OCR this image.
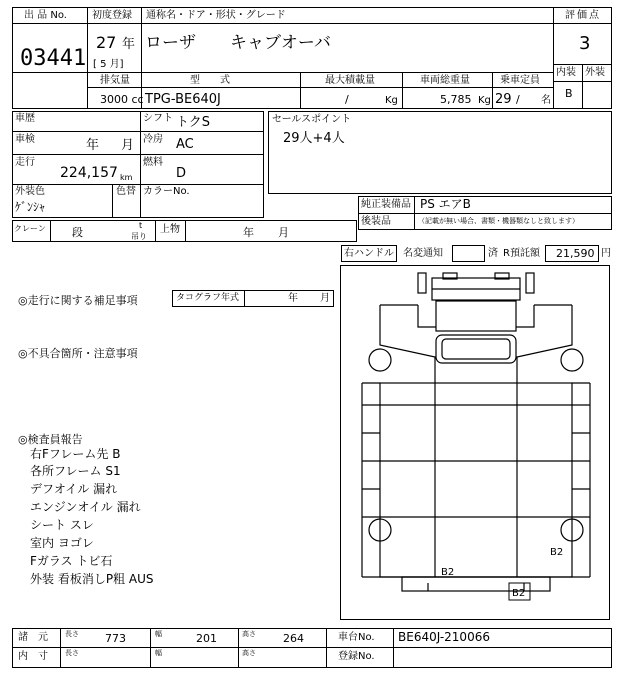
出 品 No.
03441
初度登録
27 年
[ 5 月]
通称名・ドア・形状・グレード
ローザ　　キャブオーバ
評価点
3
内装 外装
B
排気量
3000 cc
型　　式
TPG-BE640J
最大積載量
/	Kg
車両総重量
5,785 Kg
乗車定員
29 / 名
車歴	シフト トクS
車検	年 月 冷房 AC
走行
224,157 km
燃料
D
外装色
ｹﾞﾝｼｬ
色替 カラーNo.
セールスポイント
29人+4人
純正装備品 PS エアB
後装品	（記載が無い場合、書類・機器類なしと致します）
クレーン 段
t
吊り
上物	年 月
右ハンドル 名変通知	済 R預託額 21,590 円
◎走行に関する補足事項	タコグラフ年式	年 月
◎不具合箇所・注意事項
◎検査員報告
右Fフレーム先 B
各所フレーム S1
デフオイル 漏れ
エンジンオイル 漏れ
シート スレ
室内 ヨゴレ
Fガラス トビ石
外装 看板消しP粗 AUS
B2
B2
B2
諸　元 長さ 773	幅	201	高さ 264	車台No. BE640J-210066
内　寸 長さ	幅	高さ	登録No.
